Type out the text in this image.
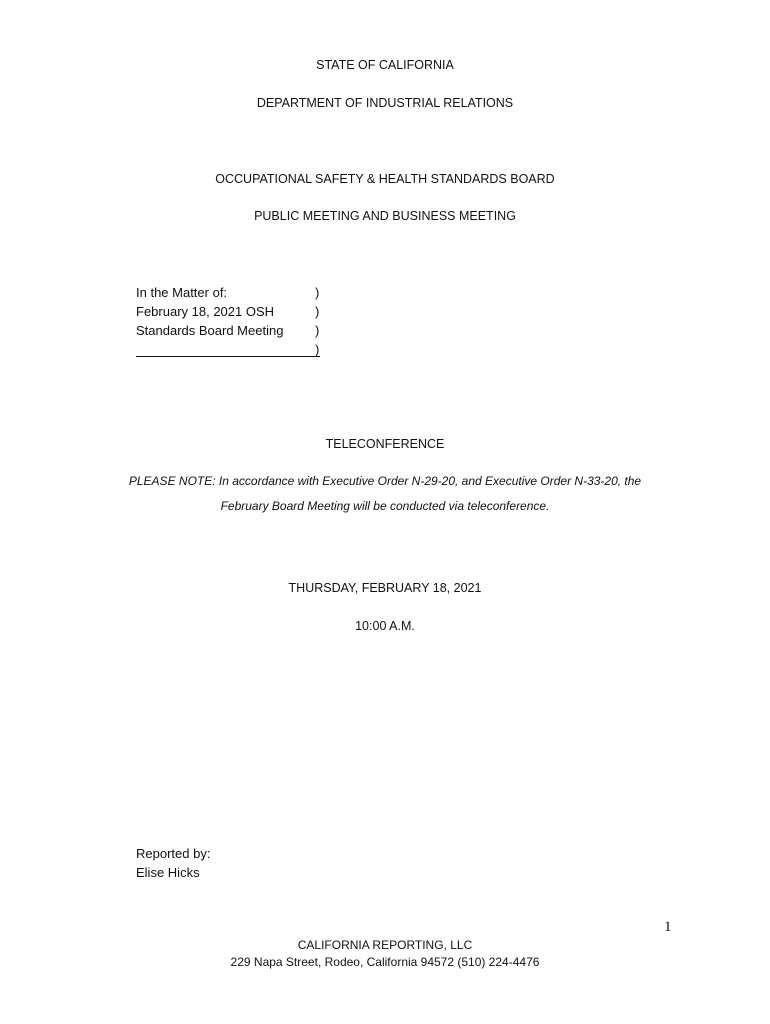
STATE OF CALIFORNIA
DEPARTMENT OF INDUSTRIAL RELATIONS
OCCUPATIONAL SAFETY & HEALTH STANDARDS BOARD
PUBLIC MEETING AND BUSINESS MEETING
In the Matter of:
February 18, 2021 OSH
Standards Board Meeting
)
)
)
)
TELECONFERENCE
PLEASE NOTE: In accordance with Executive Order N-29-20, and Executive Order N-33-20, the
February Board Meeting will be conducted via teleconference.
THURSDAY, FEBRUARY 18, 2021
10:00 A.M.
Reported by:
Elise Hicks
1
CALIFORNIA REPORTING, LLC
229 Napa Street, Rodeo, California 94572 (510) 224-4476
